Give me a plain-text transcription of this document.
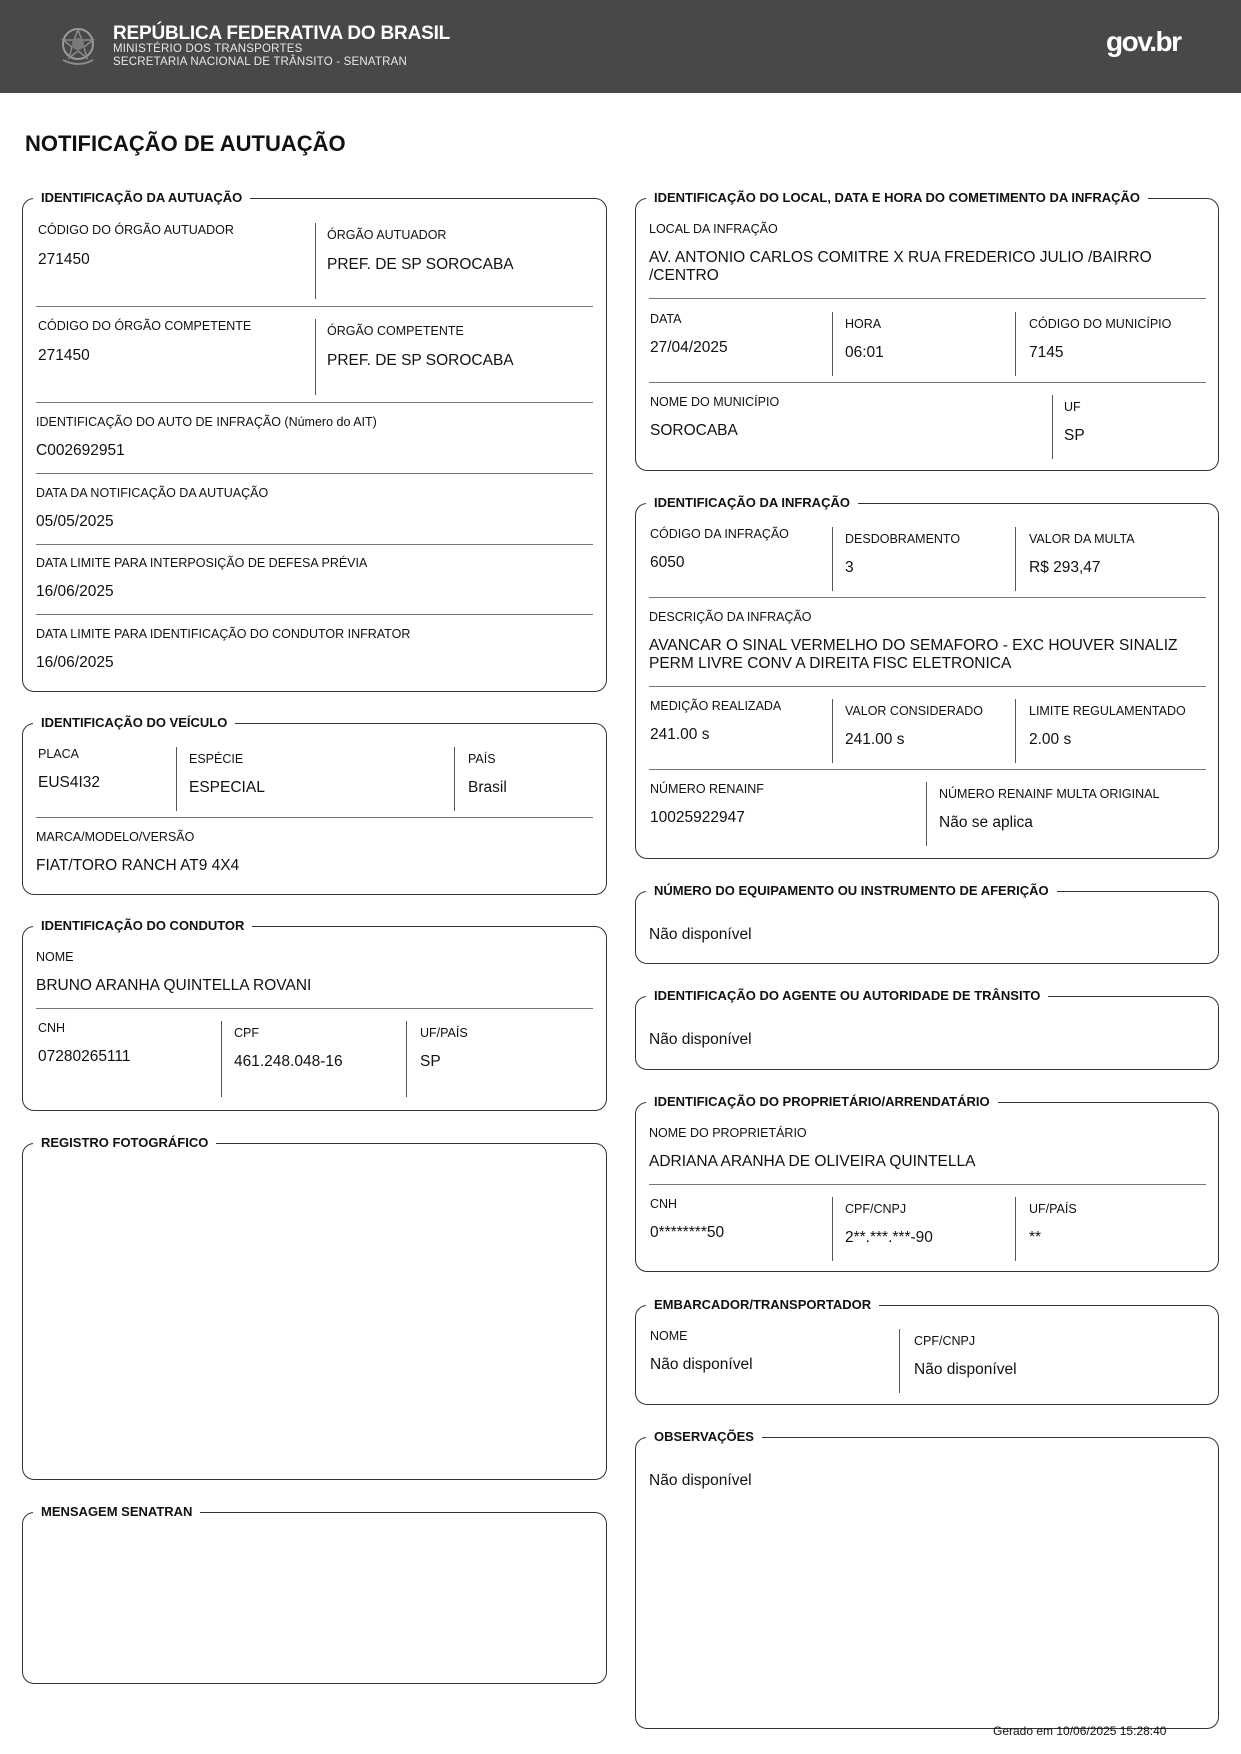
REPÚBLICA FEDERATIVA DO BRASIL
MINISTÉRIO DOS TRANSPORTES
SECRETARIA NACIONAL DE TRÂNSITO - SENATRAN
gov.br
NOTIFICAÇÃO DE AUTUAÇÃO
IDENTIFICAÇÃO DA AUTUAÇÃO
CÓDIGO DO ÓRGÃO AUTUADOR
271450
ÓRGÃO AUTUADOR
PREF. DE SP SOROCABA
CÓDIGO DO ÓRGÃO COMPETENTE
271450
ÓRGÃO COMPETENTE
PREF. DE SP SOROCABA
IDENTIFICAÇÃO DO AUTO DE INFRAÇÃO (Número do AIT)
C002692951
DATA DA NOTIFICAÇÃO DA AUTUAÇÃO
05/05/2025
DATA LIMITE PARA INTERPOSIÇÃO DE DEFESA PRÉVIA
16/06/2025
DATA LIMITE PARA IDENTIFICAÇÃO DO CONDUTOR INFRATOR
16/06/2025
IDENTIFICAÇÃO DO VEÍCULO
PLACA
EUS4I32
ESPÉCIE
ESPECIAL
PAÍS
Brasil
MARCA/MODELO/VERSÃO
FIAT/TORO RANCH AT9 4X4
IDENTIFICAÇÃO DO CONDUTOR
NOME
BRUNO ARANHA QUINTELLA ROVANI
CNH
07280265111
CPF
461.248.048-16
UF/PAÍS
SP
REGISTRO FOTOGRÁFICO
MENSAGEM SENATRAN
IDENTIFICAÇÃO DO LOCAL, DATA E HORA DO COMETIMENTO DA INFRAÇÃO
LOCAL DA INFRAÇÃO
AV. ANTONIO CARLOS COMITRE X RUA FREDERICO JULIO /BAIRRO /CENTRO
DATA
27/04/2025
HORA
06:01
CÓDIGO DO MUNICÍPIO
7145
NOME DO MUNICÍPIO
SOROCABA
UF
SP
IDENTIFICAÇÃO DA INFRAÇÃO
CÓDIGO DA INFRAÇÃO
6050
DESDOBRAMENTO
3
VALOR DA MULTA
R$ 293,47
DESCRIÇÃO DA INFRAÇÃO
AVANCAR O SINAL VERMELHO DO SEMAFORO - EXC HOUVER SINALIZ PERM LIVRE CONV A DIREITA FISC ELETRONICA
MEDIÇÃO REALIZADA
241.00 s
VALOR CONSIDERADO
241.00 s
LIMITE REGULAMENTADO
2.00 s
NÚMERO RENAINF
10025922947
NÚMERO RENAINF MULTA ORIGINAL
Não se aplica
NÚMERO DO EQUIPAMENTO OU INSTRUMENTO DE AFERIÇÃO
Não disponível
IDENTIFICAÇÃO DO AGENTE OU AUTORIDADE DE TRÂNSITO
Não disponível
IDENTIFICAÇÃO DO PROPRIETÁRIO/ARRENDATÁRIO
NOME DO PROPRIETÁRIO
ADRIANA ARANHA DE OLIVEIRA QUINTELLA
CNH
0********50
CPF/CNPJ
2**.***.***-90
UF/PAÍS
**
EMBARCADOR/TRANSPORTADOR
NOME
Não disponível
CPF/CNPJ
Não disponível
OBSERVAÇÕES
Não disponível
Gerado em 10/06/2025 15:28:40
